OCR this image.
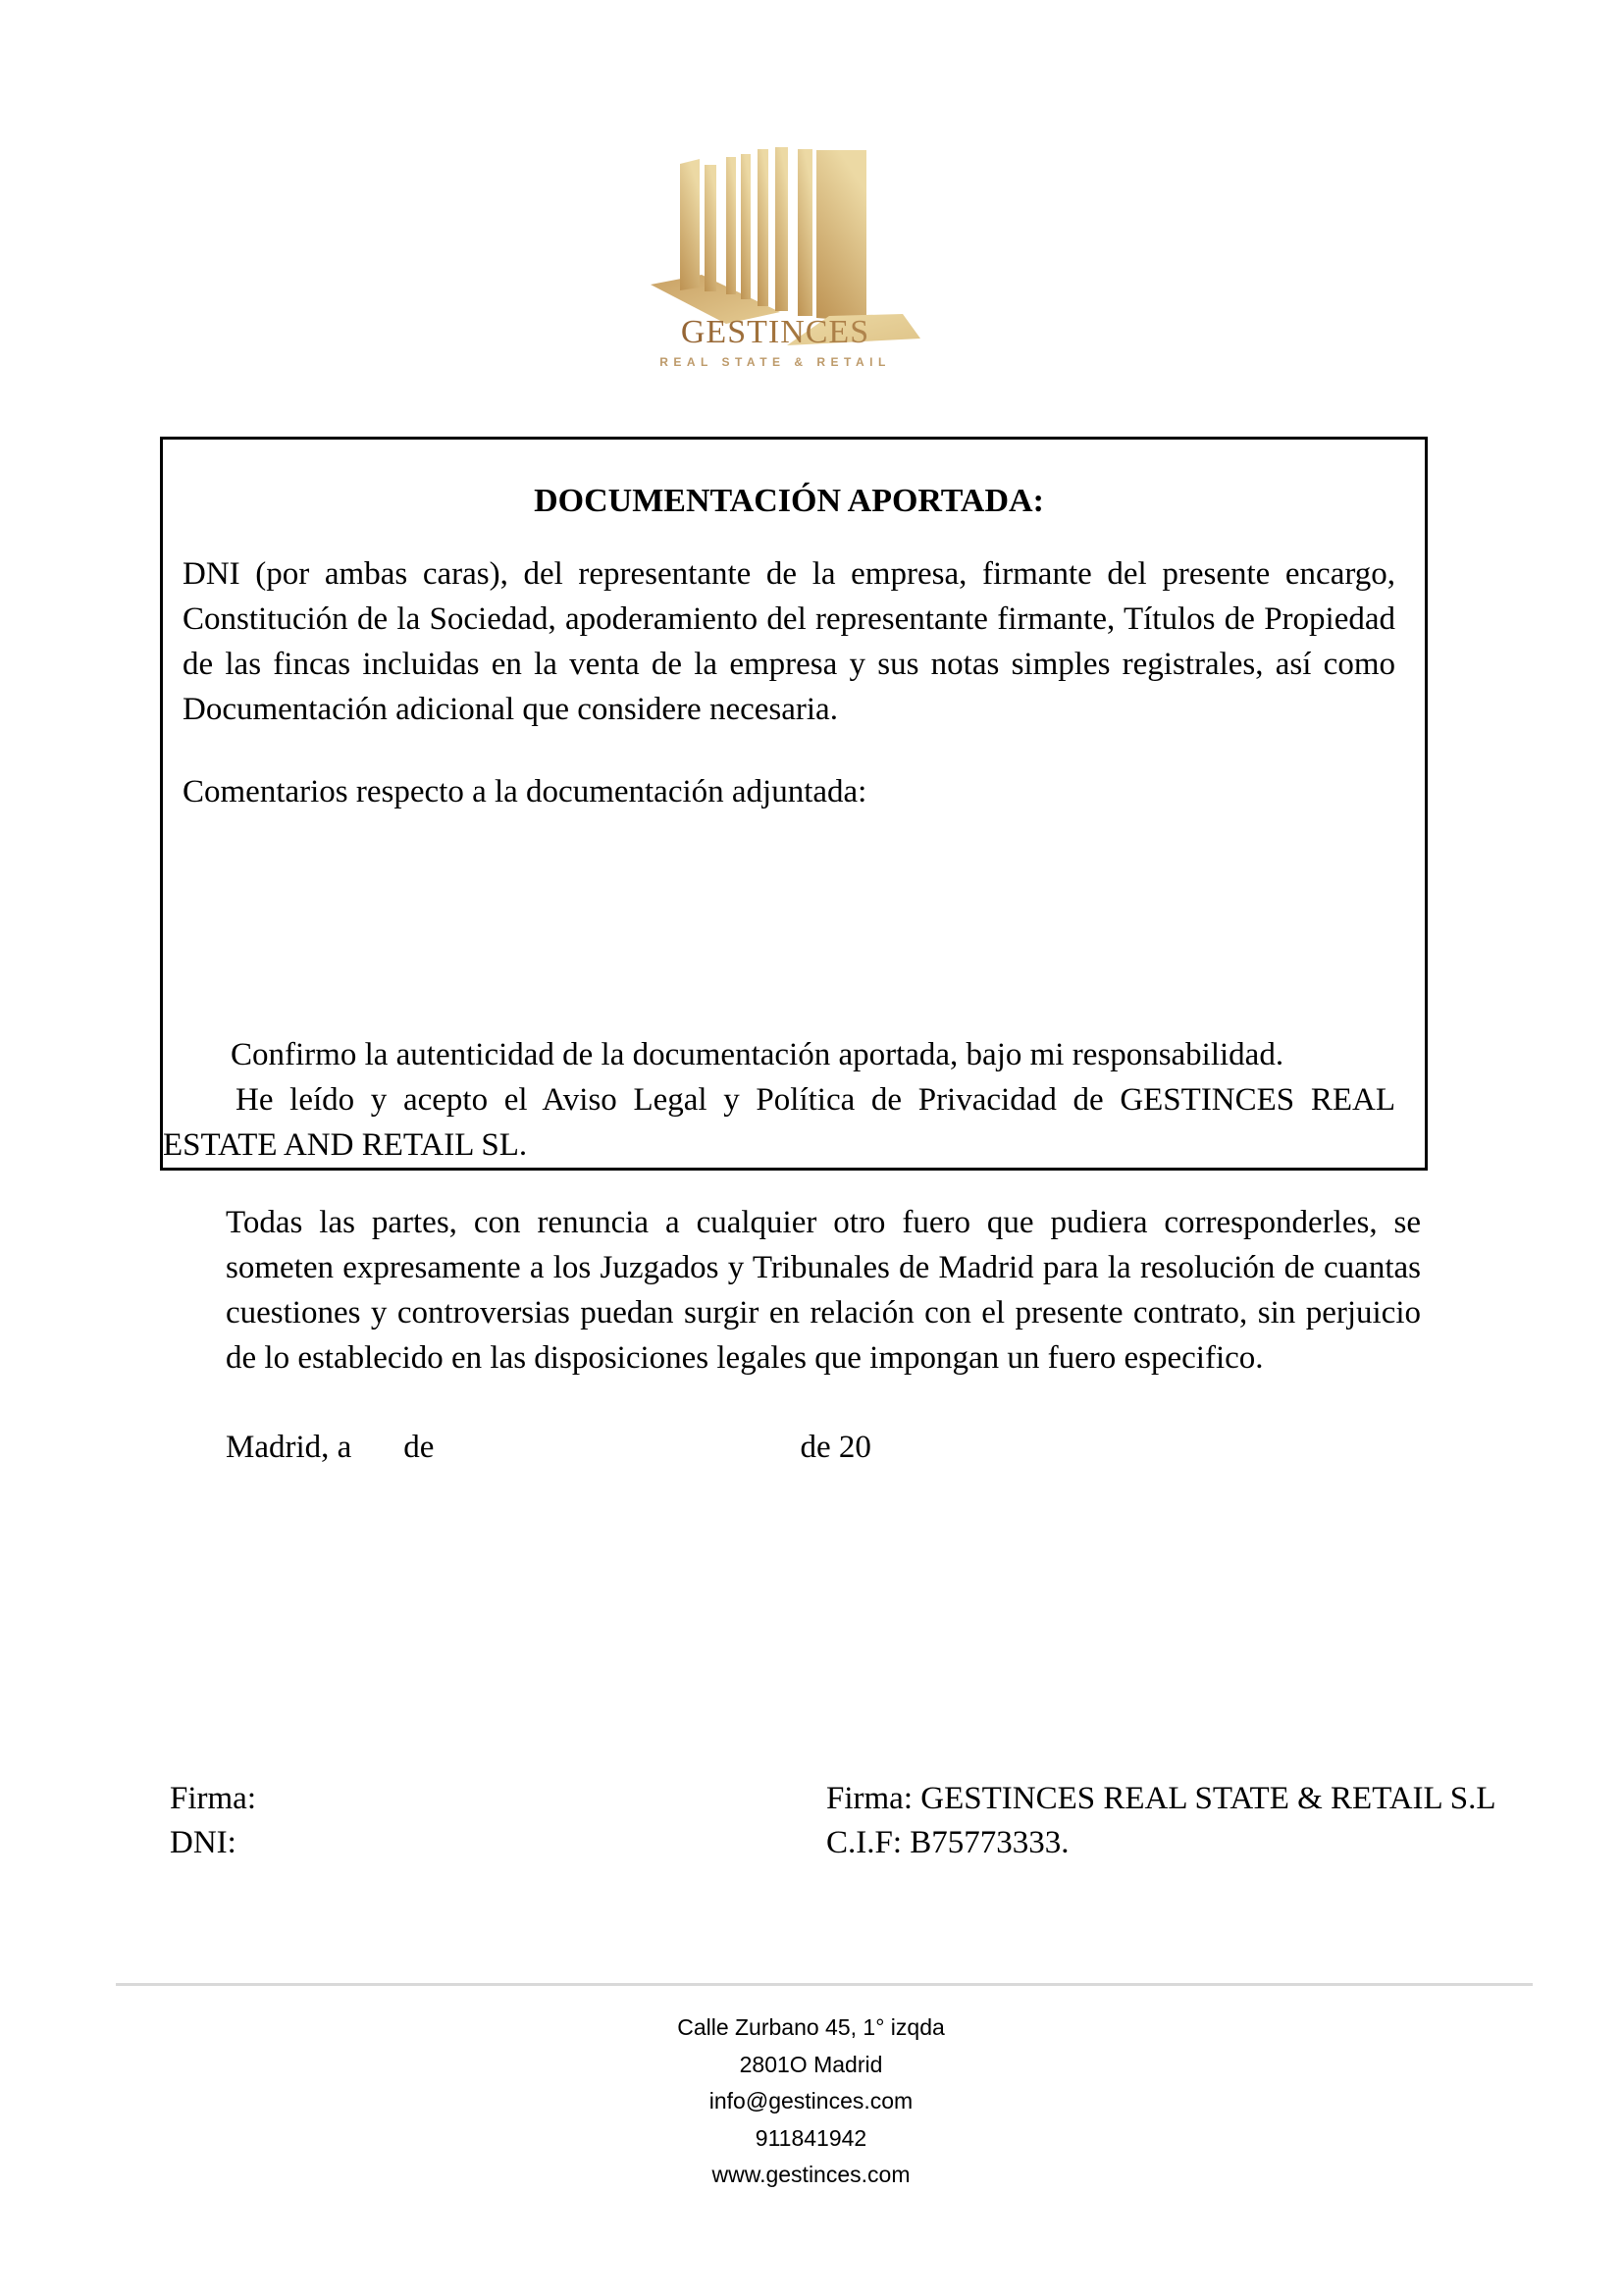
GESTINCES
REAL STATE & RETAIL

DOCUMENTACIÓN APORTADA:

DNI (por ambas caras), del representante de la empresa, firmante del presente encargo, Constitución de la Sociedad, apoderamiento del representante firmante, Títulos de Propiedad de las fincas incluidas en la venta de la empresa y sus notas simples registrales, así como Documentación adicional que considere necesaria.

Comentarios respecto a la documentación adjuntada:

Confirmo la autenticidad de la documentación aportada, bajo mi responsabilidad.

He leído y acepto el Aviso Legal y Política de Privacidad de GESTINCES REAL ESTATE AND RETAIL SL.

Todas las partes, con renuncia a cualquier otro fuero que pudiera corresponderles, se someten expresamente a los Juzgados y Tribunales de Madrid para la resolución de cuantas cuestiones y controversias puedan surgir en relación con el presente contrato, sin perjuicio de lo establecido en las disposiciones legales que impongan un fuero especifico.

Madrid, a de	de 20
Firma:
DNI:
Firma: GESTINCES REAL STATE & RETAIL S.L
C.I.F: B75773333.
Calle Zurbano 45, 1° izqda
2801O Madrid
info@gestinces.com
911841942
www.gestinces.com
